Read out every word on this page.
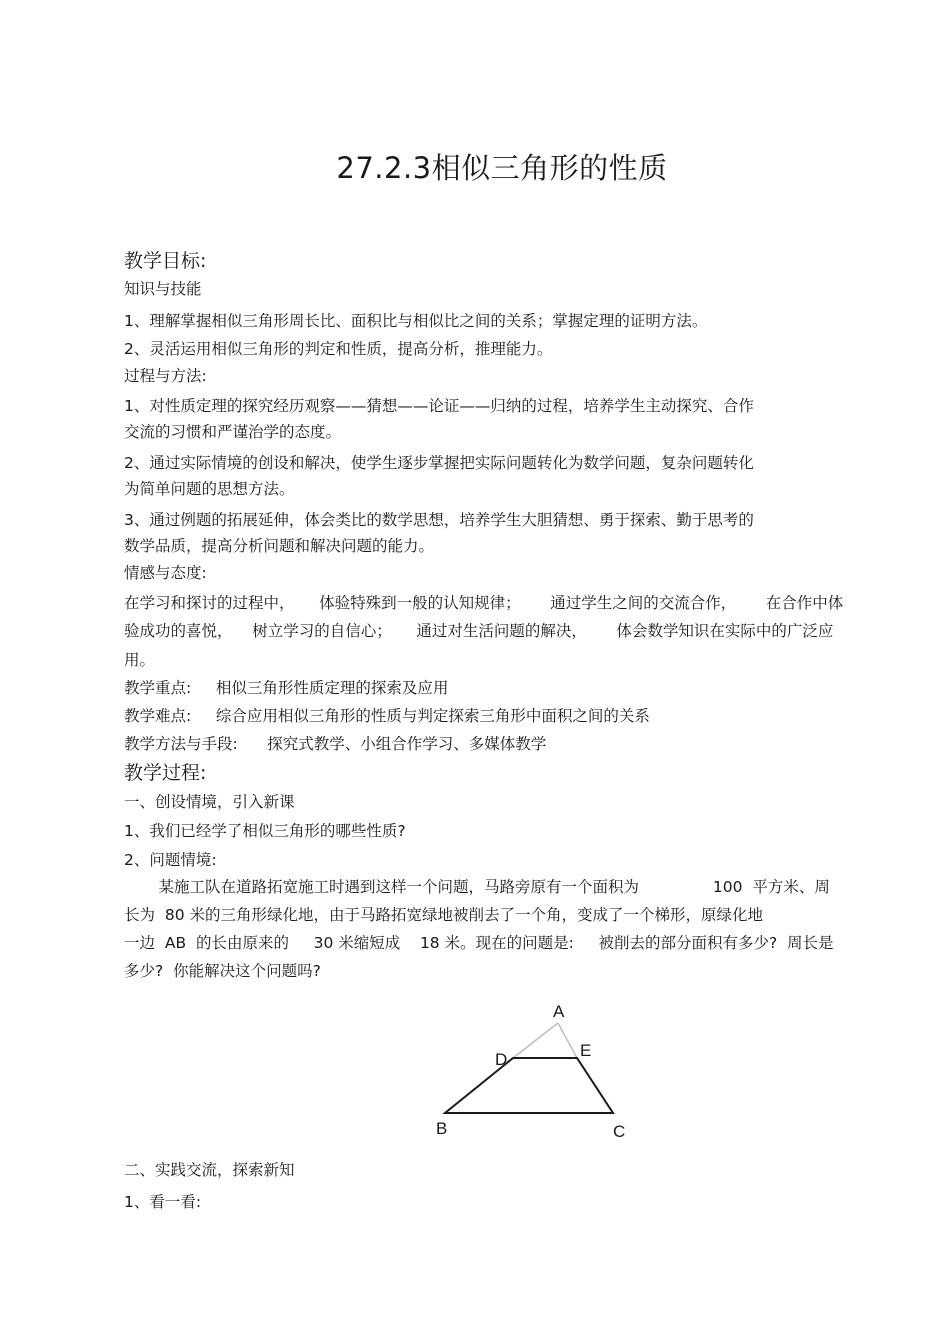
27.2.3相似三角形的性质
教学目标:
知识与技能
1、理解掌握相似三角形周长比、面积比与相似比之间的关系；掌握定理的证明方法。
2、灵活运用相似三角形的判定和性质，提高分析，推理能力。
过程与方法:
1、对性质定理的探究经历观察——猜想——论证——归纳的过程，培养学生主动探究、合作
交流的习惯和严谨治学的态度。
2、通过实际情境的创设和解决，使学生逐步掌握把实际问题转化为数学问题，复杂问题转化
为简单问题的思想方法。
3、通过例题的拓展延伸，体会类比的数学思想，培养学生大胆猜想、勇于探索、勤于思考的
数学品质，提高分析问题和解决问题的能力。
情感与态度:
在学习和探讨的过程中，     体验特殊到一般的认知规律；      通过学生之间的交流合作，      在合作中体
验成功的喜悦，    树立学习的自信心；     通过对生活问题的解决，      体会数学知识在实际中的广泛应
用。
教学重点:     相似三角形性质定理的探索及应用
教学难点:     综合应用相似三角形的性质与判定探索三角形中面积之间的关系
教学方法与手段:      探究式教学、小组合作学习、多媒体教学
教学过程:
一、创设情境，引入新课
1、我们已经学了相似三角形的哪些性质?
2、问题情境:
某施工队在道路拓宽施工时遇到这样一个问题，马路旁原有一个面积为               100  平方米、周
长为  80 米的三角形绿化地，由于马路拓宽绿地被削去了一个角，变成了一个梯形，原绿化地
一边  AB  的长由原来的     30 米缩短成    18 米。现在的问题是:     被削去的部分面积有多少?  周长是
多少?  你能解决这个问题吗?
A
D	E
B	C
二、实践交流，探索新知
1、看一看:
